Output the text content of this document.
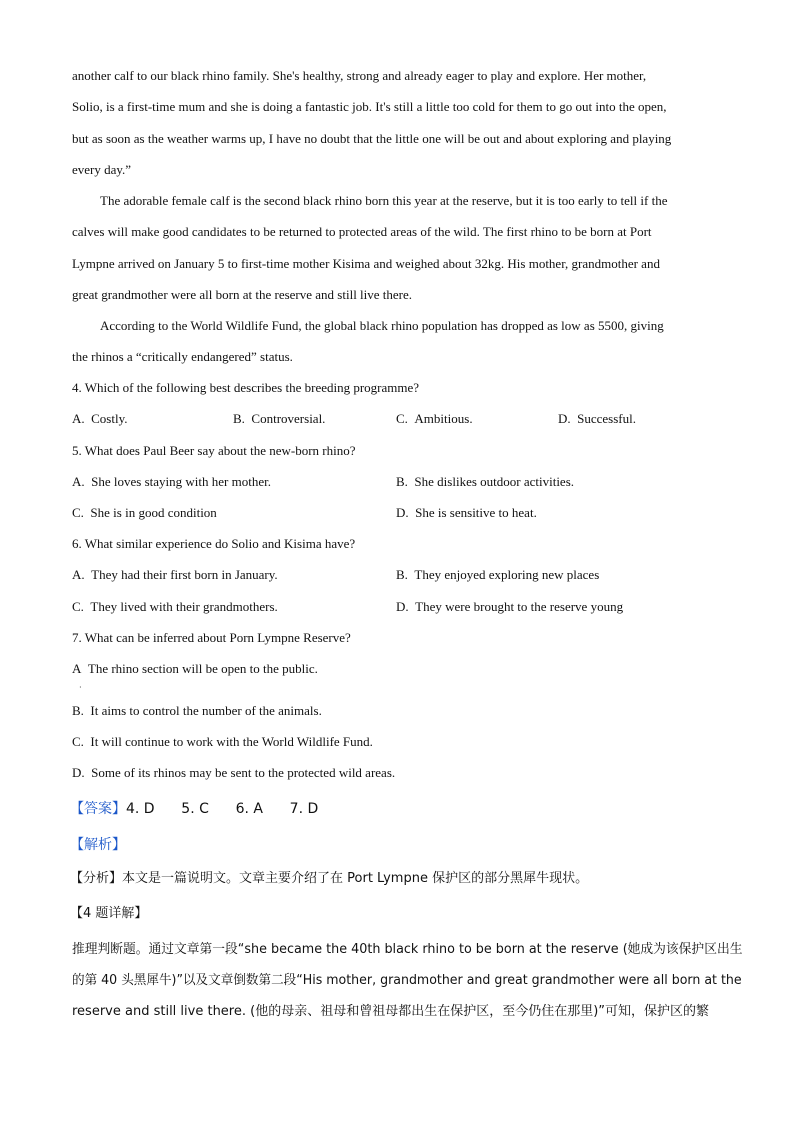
another calf to our black rhino family. She's healthy, strong and already eager to play and explore. Her mother,
Solio, is a first-time mum and she is doing a fantastic job. It's still a little too cold for them to go out into the open,
but as soon as the weather warms up, I have no doubt that the little one will be out and about exploring and playing
every day.”
The adorable female calf is the second black rhino born this year at the reserve, but it is too early to tell if the
calves will make good candidates to be returned to protected areas of the wild. The first rhino to be born at Port
Lympne arrived on January 5 to first-time mother Kisima and weighed about 32kg. His mother, grandmother and
great grandmother were all born at the reserve and still live there.
According to the World Wildlife Fund, the global black rhino population has dropped as low as 5500, giving
the rhinos a “critically endangered” status.
4. Which of the following best describes the breeding programme?
A. Costly.	B. Controversial.	C. Ambitious.	D. Successful.
5. What does Paul Beer say about the new-born rhino?
A. She loves staying with her mother.	B. She dislikes outdoor activities.
C. She is in good condition	D. She is sensitive to heat.
6. What similar experience do Solio and Kisima have?
A. They had their first born in January.	B. They enjoyed exploring new places
C. They lived with their grandmothers.	D. They were brought to the reserve young
7. What can be inferred about Porn Lympne Reserve?
A The rhino section will be open to the public.
·
B. It aims to control the number of the animals.
C. It will continue to work with the World Wildlife Fund.
D. Some of its rhinos may be sent to the protected wild areas.
【答案】4. D      5. C      6. A      7. D
【解析】
【分析】本文是一篇说明文。文章主要介绍了在 Port Lympne 保护区的部分黑犀牛现状。
【4 题详解】
推理判断题。通过文章第一段“she became the 40th black rhino to be born at the reserve (她成为该保护区出生
的第 40 头黑犀牛)”以及文章倒数第二段“His mother, grandmother and great grandmother were all born at the
reserve and still live there. (他的母亲、祖母和曾祖母都出生在保护区，至今仍住在那里)”可知，保护区的繁
